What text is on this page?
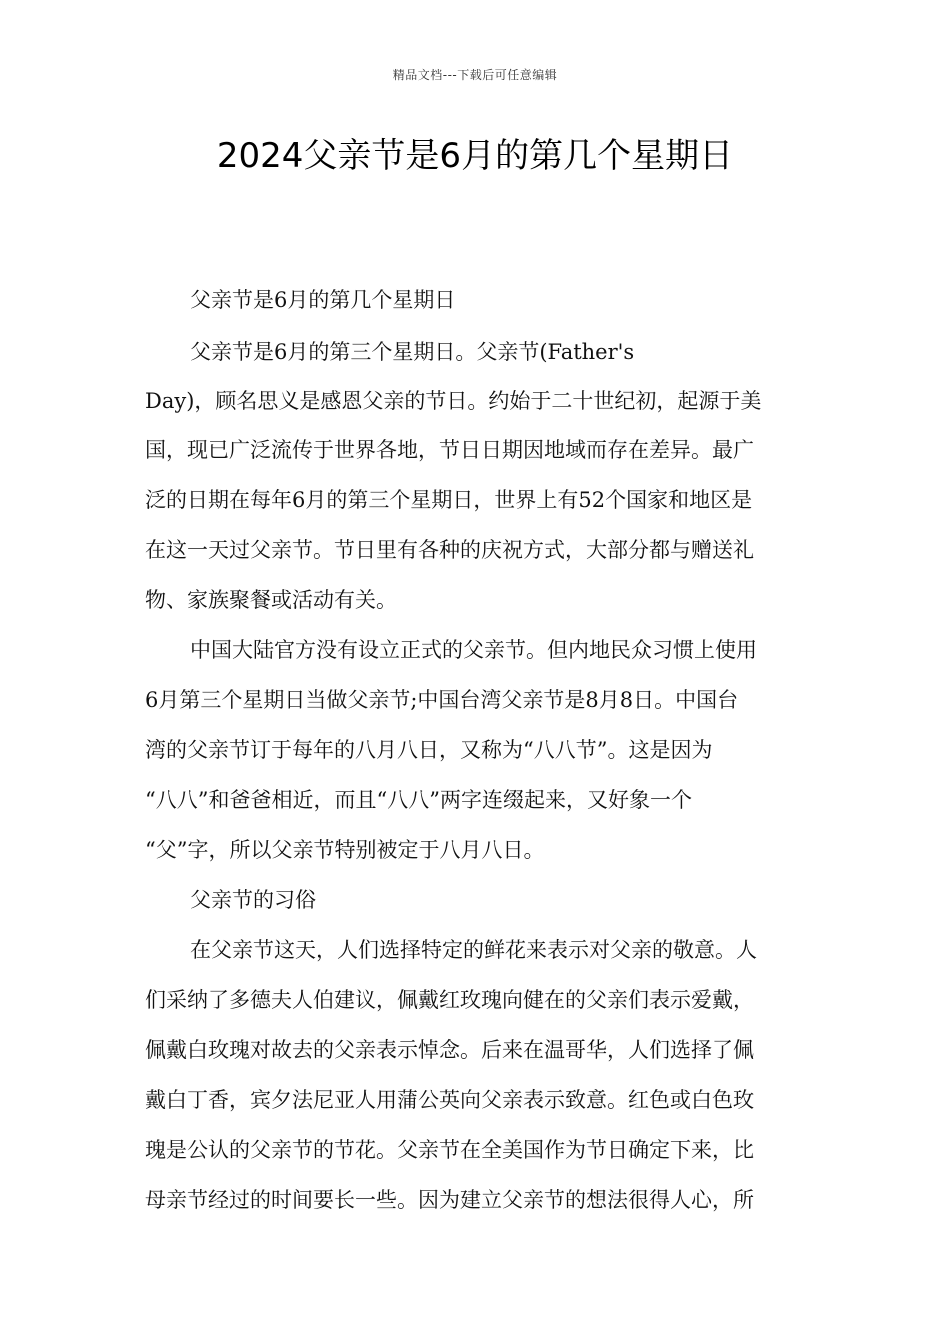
精品文档---下载后可任意编辑
2024父亲节是6月的第几个星期日

父亲节是6月的第几个星期日

父亲节是6月的第三个星期日。父亲节(Father's

Day)，顾名思义是感恩父亲的节日。约始于二十世纪初，起源于美

国，现已广泛流传于世界各地，节日日期因地域而存在差异。最广

泛的日期在每年6月的第三个星期日，世界上有52个国家和地区是

在这一天过父亲节。节日里有各种的庆祝方式，大部分都与赠送礼

物、家族聚餐或活动有关。

中国大陆官方没有设立正式的父亲节。但内地民众习惯上使用

6月第三个星期日当做父亲节;中国台湾父亲节是8月8日。中国台

湾的父亲节订于每年的八月八日，又称为“八八节”。这是因为

“八八”和爸爸相近，而且“八八”两字连缀起来，又好象一个

“父”字，所以父亲节特别被定于八月八日。

父亲节的习俗

在父亲节这天，人们选择特定的鲜花来表示对父亲的敬意。人

们采纳了多德夫人伯建议，佩戴红玫瑰向健在的父亲们表示爱戴，

佩戴白玫瑰对故去的父亲表示悼念。后来在温哥华，人们选择了佩

戴白丁香，宾夕法尼亚人用蒲公英向父亲表示致意。红色或白色玫

瑰是公认的父亲节的节花。父亲节在全美国作为节日确定下来，比

母亲节经过的时间要长一些。因为建立父亲节的想法很得人心，所
